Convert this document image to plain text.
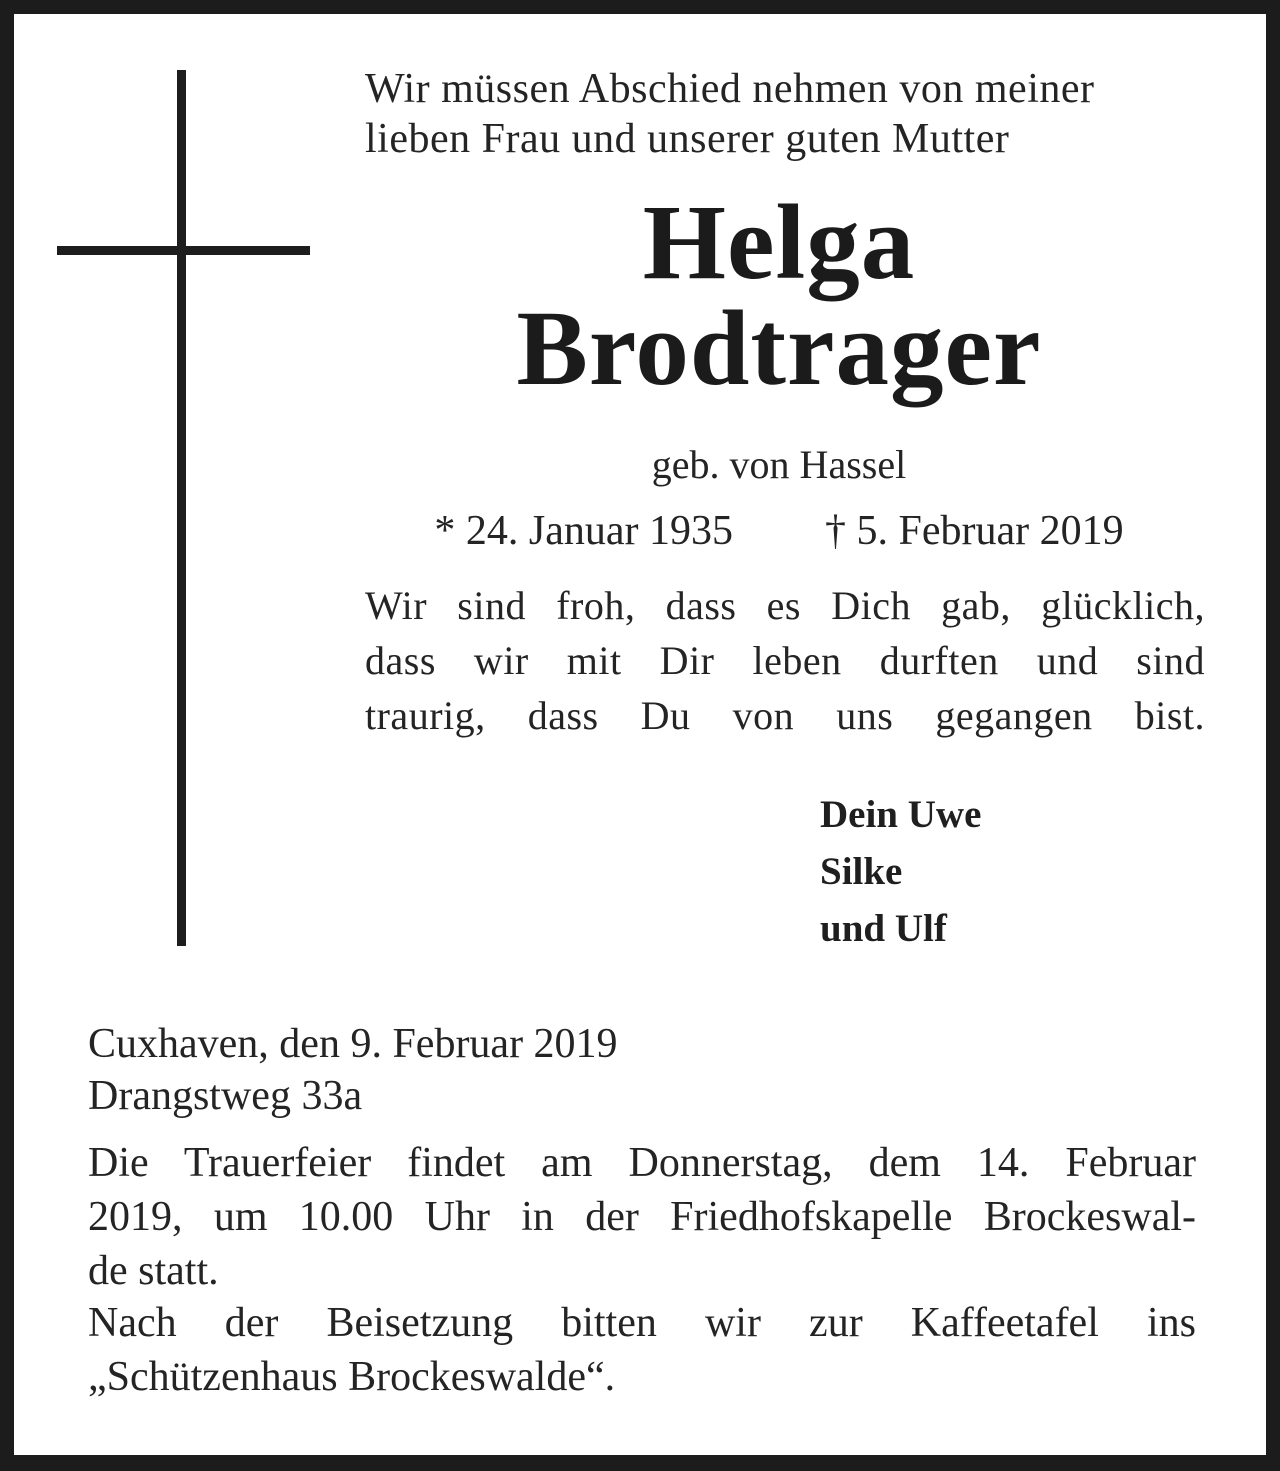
Wir müssen Abschied nehmen von meiner
lieben Frau und unserer guten Mutter
Helga
Brodtrager
geb. von Hassel
* 24. Januar 1935 † 5. Februar 2019
Wir sind froh, dass es Dich gab, glücklich,
dass wir mit Dir leben durften und sind
traurig, dass Du von uns gegangen bist.
Dein Uwe
Silke
und Ulf
Cuxhaven, den 9. Februar 2019
Drangstweg 33a
Die Trauerfeier findet am Donnerstag, dem 14. Februar
2019, um 10.00 Uhr in der Friedhofskapelle Brockeswal-
de statt.
Nach der Beisetzung bitten wir zur Kaffeetafel ins
„Schützenhaus Brockeswalde“.
